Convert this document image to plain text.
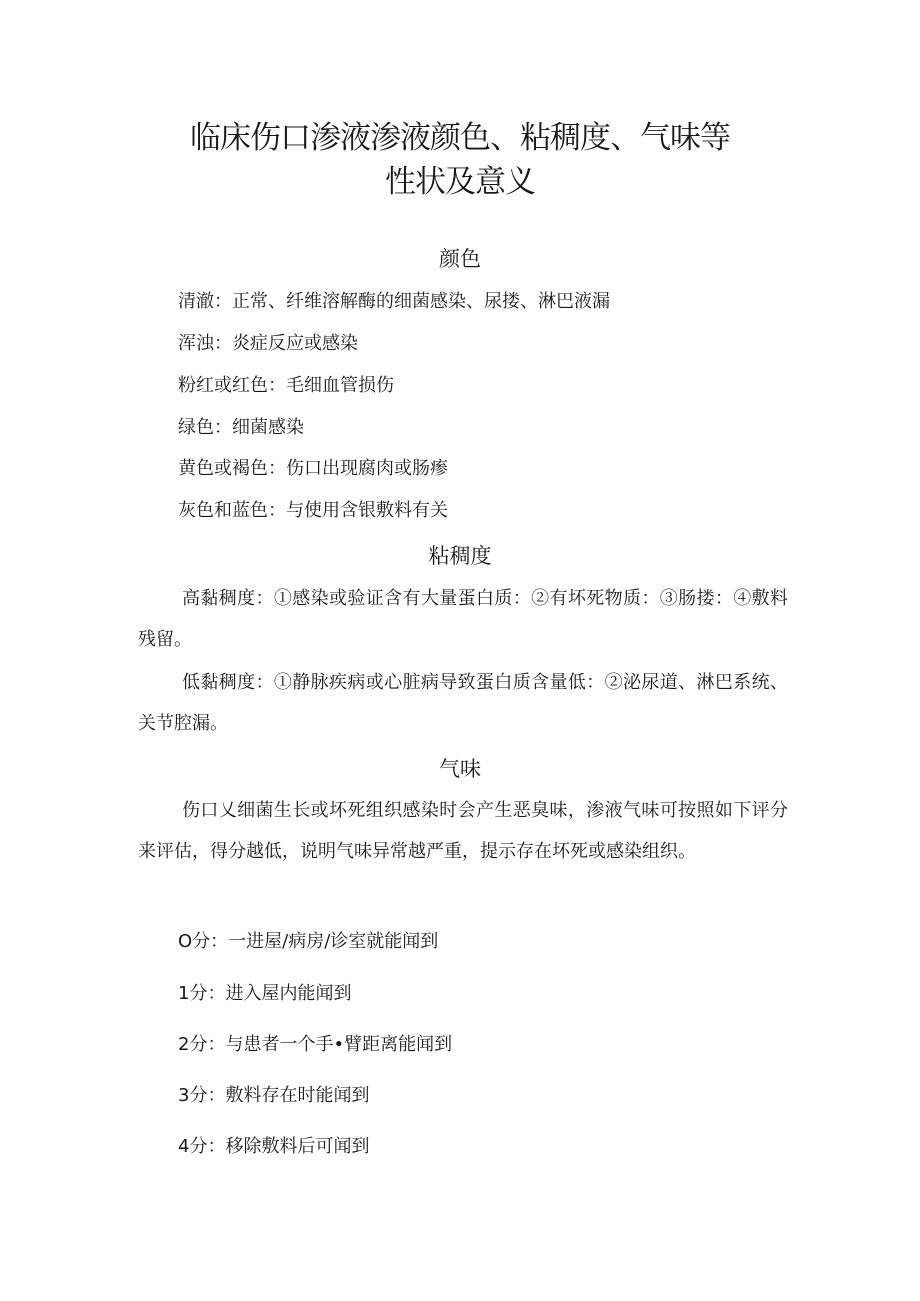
临床伤口渗液渗液颜色、粘稠度、气味等
性状及意义
颜色

清澈：正常、纤维溶解酶的细菌感染、尿搂、淋巴液漏

浑浊：炎症反应或感染

粉红或红色：毛细血管损伤

绿色：细菌感染

黄色或褐色：伤口出现腐肉或肠瘆

灰色和蓝色：与使用含银敷料有关

粘稠度

高黏稠度：①感染或验证含有大量蛋白质：②有坏死物质：③肠搂：④敷料残留。

低黏稠度：①静脉疾病或心脏病导致蛋白质含量低：②泌尿道、淋巴系统、关节腔漏。

气味

伤口乂细菌生长或坏死组织感染时会产生恶臭味，渗液气味可按照如下评分来评估，得分越低，说明气味异常越严重，提示存在坏死或感染组织。

O分：一进屋/病房/诊室就能闻到

1分：进入屋内能闻到

2分：与患者一个手•臂距离能闻到

3分：敷料存在时能闻到

4分：移除敷料后可闻到
